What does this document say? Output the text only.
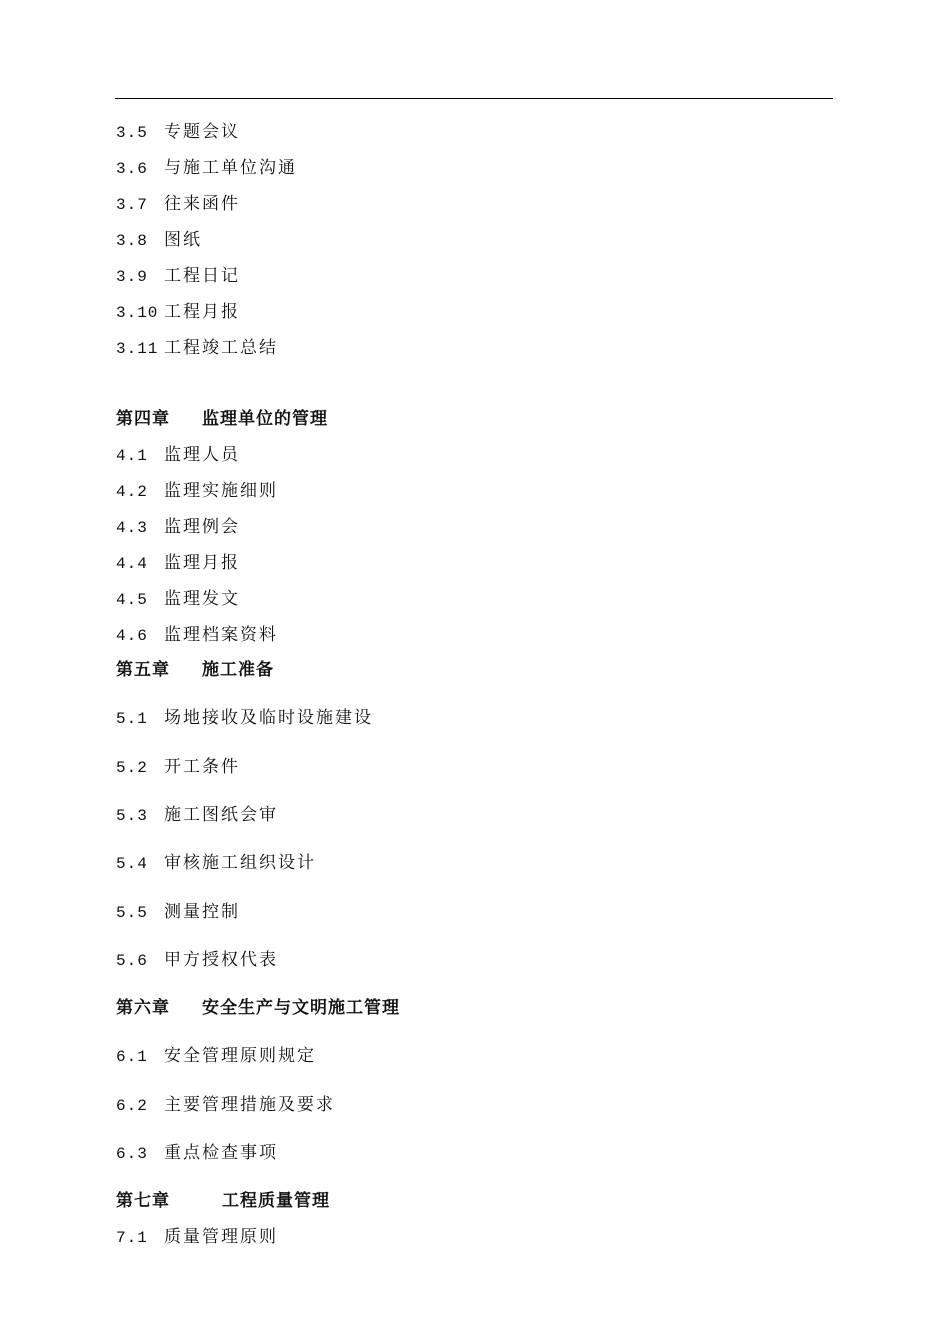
3.5 专题会议
3.6 与施工单位沟通
3.7 往来函件
3.8 图纸
3.9 工程日记
3.10 工程月报
3.11 工程竣工总结
第四章 监理单位的管理
4.1 监理人员
4.2 监理实施细则
4.3 监理例会
4.4 监理月报
4.5 监理发文
4.6 监理档案资料
第五章 施工准备
5.1 场地接收及临时设施建设
5.2 开工条件
5.3 施工图纸会审
5.4 审核施工组织设计
5.5 测量控制
5.6 甲方授权代表
第六章 安全生产与文明施工管理
6.1 安全管理原则规定
6.2 主要管理措施及要求
6.3 重点检查事项
第七章	工程质量管理
7.1 质量管理原则
